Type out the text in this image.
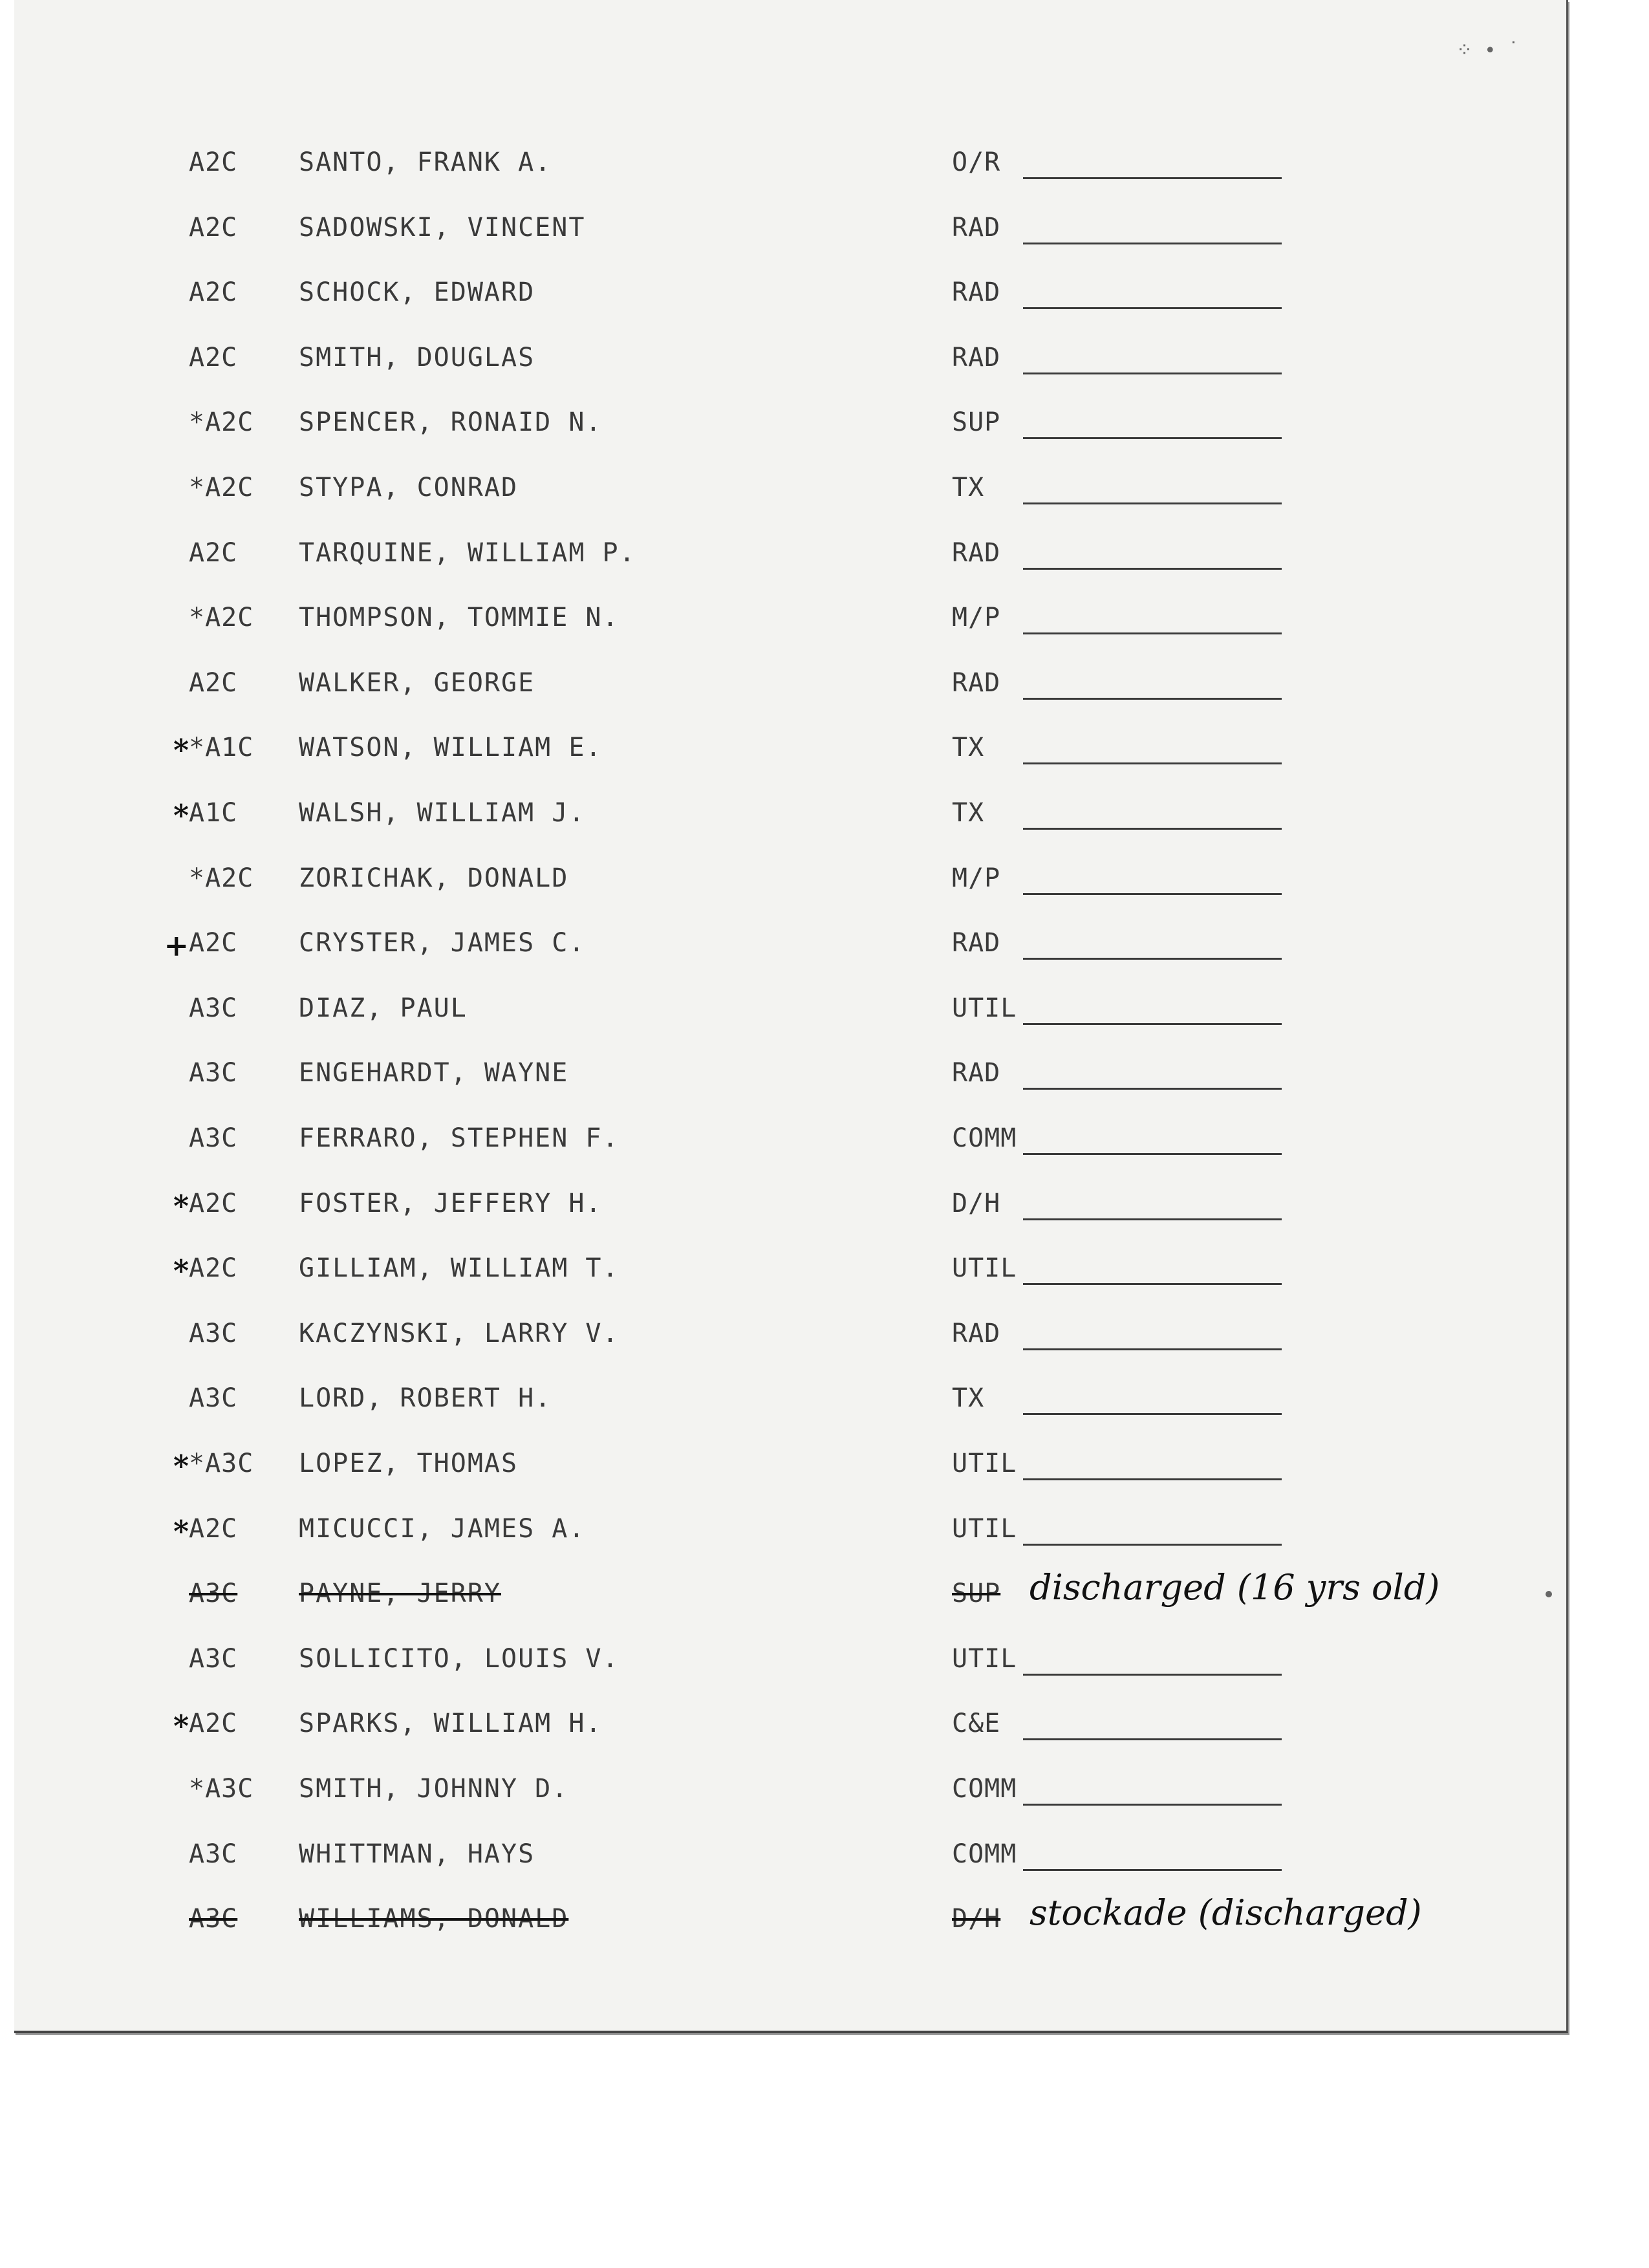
⁘ ∙ ˙
A2C	SANTO, FRANK A.	O/R
A2C	SADOWSKI, VINCENT	RAD
A2C	SCHOCK, EDWARD	RAD
A2C	SMITH, DOUGLAS	RAD
*A2C	SPENCER, RONAID N.	SUP
*A2C	STYPA, CONRAD	TX
A2C	TARQUINE, WILLIAM P.	RAD
*A2C	THOMPSON, TOMMIE N.	M/P
A2C	WALKER, GEORGE	RAD
* *A1C	WATSON, WILLIAM E.	TX
* A1C	WALSH, WILLIAM J.	TX
*A2C	ZORICHAK, DONALD	M/P
+ A2C	CRYSTER, JAMES C.	RAD
A3C	DIAZ, PAUL	UTIL
A3C	ENGEHARDT, WAYNE	RAD
A3C	FERRARO, STEPHEN F.	COMM
* A2C	FOSTER, JEFFERY H.	D/H
* A2C	GILLIAM, WILLIAM T.	UTIL
A3C	KACZYNSKI, LARRY V.	RAD
A3C	LORD, ROBERT H.	TX
* *A3C	LOPEZ, THOMAS	UTIL
* A2C	MICUCCI, JAMES A.	UTIL
A3C	PAYNE, JERRY	SUP discharged (16 yrs old)
A3C	SOLLICITO, LOUIS V.	UTIL
* A2C	SPARKS, WILLIAM H.	C&E
*A3C	SMITH, JOHNNY D.	COMM
A3C	WHITTMAN, HAYS	COMM
A3C	WILLIAMS, DONALD	D/H stockade (discharged)
